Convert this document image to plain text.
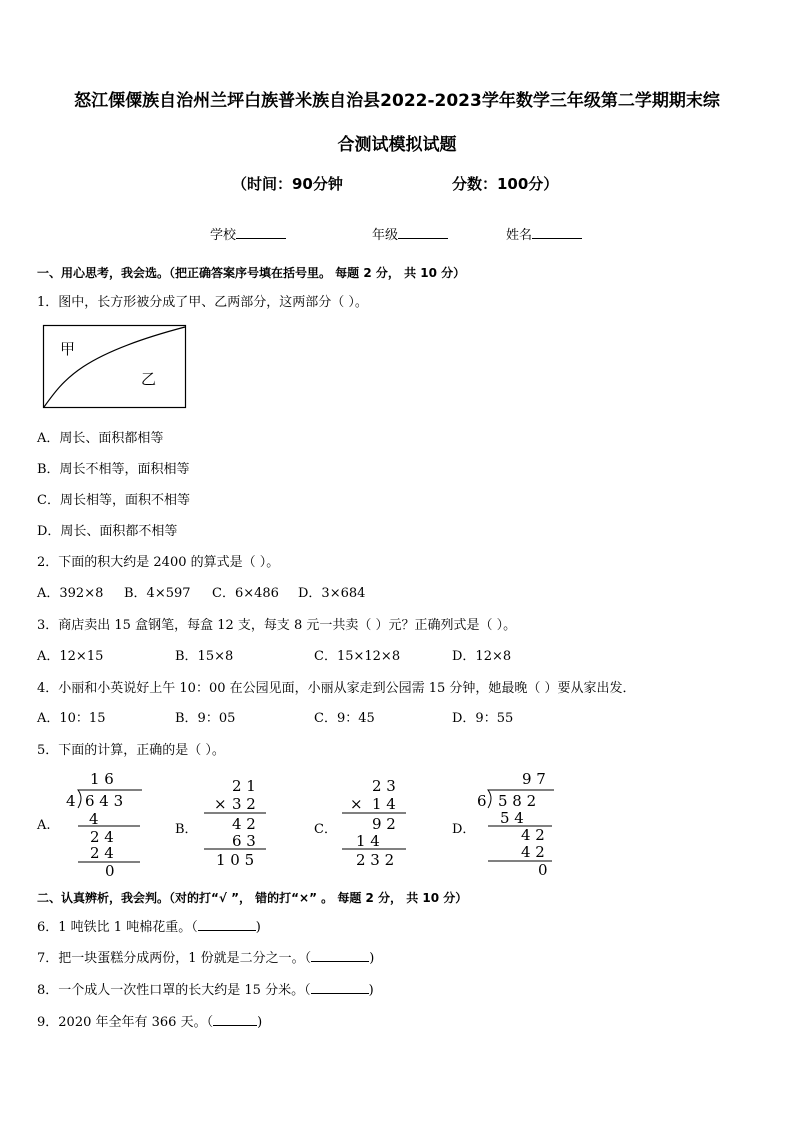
怒江傈僳族自治州兰坪白族普米族自治县2022-2023学年数学三年级第二学期期末综
合测试模拟试题
（时间：90分钟	分数：100分）
学校	年级	姓名
一、用心思考，我会选。（把正确答案序号填在括号里。 每题 2 分， 共 10 分）
1．图中，长方形被分成了甲、乙两部分，这两部分（ ）。
甲
乙
A．周长、面积都相等
B．周长不相等，面积相等
C．周长相等，面积不相等
D．周长、面积都不相等
2．下面的积大约是 2400 的算式是（ ）。
A．392×8 B．4×597 C．6×486 D．3×684
3．商店卖出 15 盒钢笔，每盒 12 支，每支 8 元一共卖（ ）元？正确列式是（ ）。
A．12×15	B．15×8	C．15×12×8	D．12×8
4．小丽和小英说好上午 10：00 在公园见面，小丽从家走到公园需 15 分钟，她最晚（ ）要从家出发．
A．10：15	B．9：05	C．9：45	D．9：55
5．下面的计算，正确的是（ ）。
A.
1 6
4 6 4 3
4
2 4
2 4
0
B．
2 1
× 3 2
4 2
6 3
1 0 5
C．
2 3
× 1 4
9 2
1 4
2 3 2
D．
9 7
6 5 8 2
5 4
4 2
4 2
0
二、认真辨析，我会判。（对的打“√ ”， 错的打“×” 。 每题 2 分， 共 10 分）
6．1 吨铁比 1 吨棉花重。（	)
7．把一块蛋糕分成两份，1 份就是二分之一。（	)
8．一个成人一次性口罩的长大约是 15 分米。（	)
9．2020 年全年有 366 天。（	)
